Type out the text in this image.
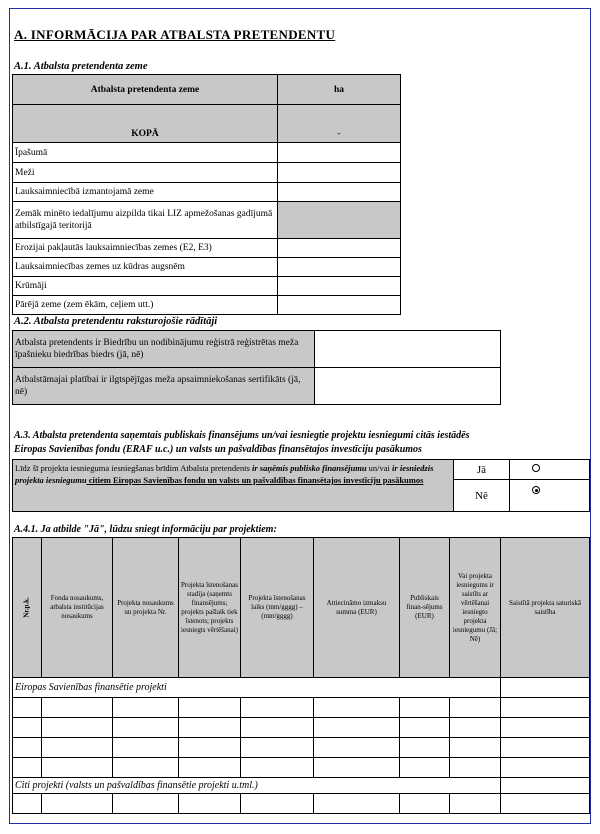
A. INFORMĀCIJA PAR ATBALSTA PRETENDENTU
A.1. Atbalsta pretendenta zeme
Atbalsta pretendenta zeme	ha
KOPĀ	-
Īpašumā	
Meži	
Lauksaimniecībā izmantojamā zeme	
Zemāk minēto iedalījumu aizpilda tikai LIZ apmežošanas gadījumā atbilstīgajā teritorijā	
Erozijai pakļautās lauksaimniecības zemes (E2, E3)	
Lauksaimniecības zemes uz kūdras augsnēm	
Krūmāji	
Pārējā zeme (zem ēkām, ceļiem utt.)	
A.2. Atbalsta pretendentu raksturojošie rādītāji
Atbalsta pretendents ir Biedrību un nodibinājumu reģistrā reģistrētas meža īpašnieku biedrības biedrs (jā, nē)	
Atbalstāmajai platībai ir ilgtspējīgas meža apsaimniekošanas sertifikāts (jā, nē)	
A.3. Atbalsta pretendenta saņemtais publiskais finansējums un/vai iesniegtie projektu iesniegumi citās iestādēs
Eiropas Savienības fondu (ERAF u.c.) un valsts un pašvaldības finansētajos investīciju pasākumos
Līdz šī projekta iesnieguma iesniegšanas brīdim Atbalsta pretendents ir saņēmis publisko finansējumu un/vai ir iesniedzis projekta iesniegumu citiem Eiropas Savienības fondu un valsts un pašvaldības finansētajos investīciju pasākumos	Jā	
	Nē	
A.4.1. Ja atbilde "Jā", lūdzu sniegt informāciju par projektiem:
Nr.p.k.	Fonda nosaukums, atbalsta institūcijas nosaukums	Projekta nosaukums un projekta Nr.	Projekta īstenošanas stadija (saņemts finansējums; projekts pašlaik tiek īstenots; projekts iesniegts vērtēšanai)	Projekta īstenošanas laiks (mm/gggg) – (mm/gggg)	Attiecināmo izmaksu summa (EUR)	Publiskais finan-sējums (EUR)	Vai projekta iesniegums ir saistīts ar vērtēšanai iesniegto projekta iesniegumu (Jā; Nē)	Saistītā projekta saturiskā saistība
Eiropas Savienības finansētie projekti								

Citi projekti (valsts un pašvaldības finansētie projekti u.tml.)								
